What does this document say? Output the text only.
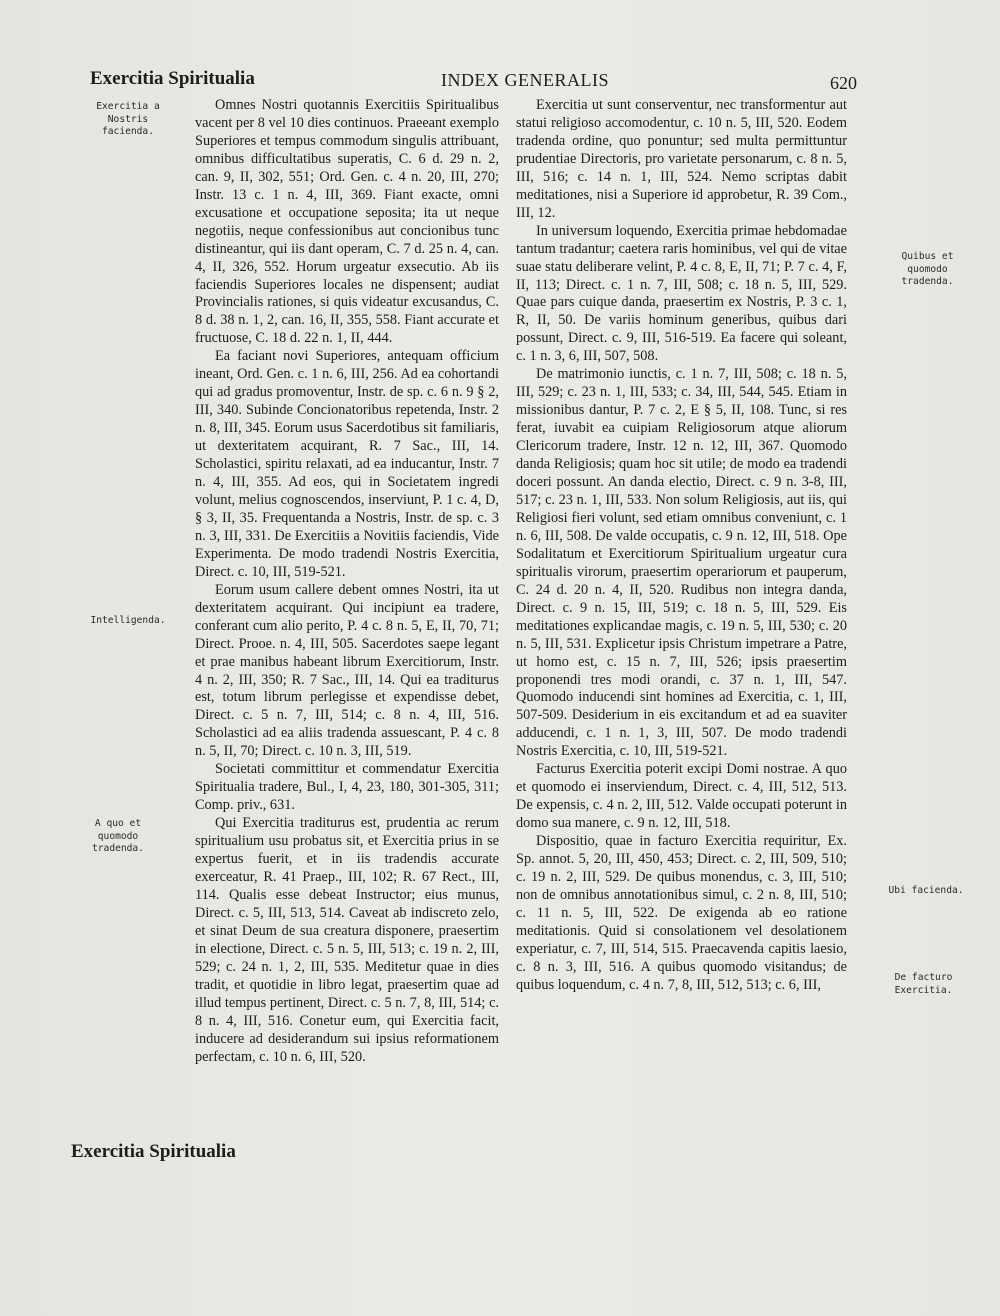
Exercitia Spiritualia	INDEX GENERALIS	620
Exercitia a Nostris facienda.
Intelligenda.
A quo et quomodo tradenda.
Quibus et quomodo tradenda.
Ubi facienda.
De facturo Exercitia.

Omnes Nostri quotannis Exercitiis Spiritualibus vacent per 8 vel 10 dies continuos. Praeeant exemplo Superiores et tempus commodum singulis attribuant, omnibus difficultatibus superatis, C. 6 d. 29 n. 2, can. 9, II, 302, 551; Ord. Gen. c. 4 n. 20, III, 270; Instr. 13 c. 1 n. 4, III, 369. Fiant exacte, omni excusatione et occupatione seposita; ita ut neque negotiis, neque confessionibus aut concionibus tunc distineantur, qui iis dant operam, C. 7 d. 25 n. 4, can. 4, II, 326, 552. Horum urgeatur exsecutio. Ab iis faciendis Superiores locales ne dispensent; audiat Provincialis rationes, si quis videatur excusandus, C. 8 d. 38 n. 1, 2, can. 16, II, 355, 558. Fiant accurate et fructuose, C. 18 d. 22 n. 1, II, 444.

Ea faciant novi Superiores, antequam officium ineant, Ord. Gen. c. 1 n. 6, III, 256. Ad ea cohortandi qui ad gradus promoventur, Instr. de sp. c. 6 n. 9 § 2, III, 340. Subinde Concionatoribus repetenda, Instr. 2 n. 8, III, 345. Eorum usus Sacerdotibus sit familiaris, ut dexteritatem acquirant, R. 7 Sac., III, 14. Scholastici, spiritu relaxati, ad ea inducantur, Instr. 7 n. 4, III, 355. Ad eos, qui in Societatem ingredi volunt, melius cognoscendos, inserviunt, P. 1 c. 4, D, § 3, II, 35. Frequentanda a Nostris, Instr. de sp. c. 3 n. 3, III, 331. De Exercitiis a Novitiis faciendis, Vide Experimenta. De modo tradendi Nostris Exercitia, Direct. c. 10, III, 519-521.

Eorum usum callere debent omnes Nostri, ita ut dexteritatem acquirant. Qui incipiunt ea tradere, conferant cum alio perito, P. 4 c. 8 n. 5, E, II, 70, 71; Direct. Prooe. n. 4, III, 505. Sacerdotes saepe legant et prae manibus habeant librum Exercitiorum, Instr. 4 n. 2, III, 350; R. 7 Sac., III, 14. Qui ea traditurus est, totum librum perlegisse et expendisse debet, Direct. c. 5 n. 7, III, 514; c. 8 n. 4, III, 516. Scholastici ad ea aliis tradenda assuescant, P. 4 c. 8 n. 5, II, 70; Direct. c. 10 n. 3, III, 519.

Societati committitur et commendatur Exercitia Spiritualia tradere, Bul., I, 4, 23, 180, 301-305, 311; Comp. priv., 631.

Qui Exercitia traditurus est, prudentia ac rerum spiritualium usu probatus sit, et Exercitia prius in se expertus fuerit, et in iis tradendis accurate exerceatur, R. 41 Praep., III, 102; R. 67 Rect., III, 114. Qualis esse debeat Instructor; eius munus, Direct. c. 5, III, 513, 514. Caveat ab indiscreto zelo, et sinat Deum de sua creatura disponere, praesertim in electione, Direct. c. 5 n. 5, III, 513; c. 19 n. 2, III, 529; c. 24 n. 1, 2, III, 535. Meditetur quae in dies tradit, et quotidie in libro legat, praesertim quae ad illud tempus pertinent, Direct. c. 5 n. 7, 8, III, 514; c. 8 n. 4, III, 516. Conetur eum, qui Exercitia facit, inducere ad desiderandum sui ipsius reformationem perfectam, c. 10 n. 6, III, 520.

Exercitia ut sunt conserventur, nec transformentur aut statui religioso accomodentur, c. 10 n. 5, III, 520. Eodem tradenda ordine, quo ponuntur; sed multa permittuntur prudentiae Directoris, pro varietate personarum, c. 8 n. 5, III, 516; c. 14 n. 1, III, 524. Nemo scriptas dabit meditationes, nisi a Superiore id approbetur, R. 39 Com., III, 12.

In universum loquendo, Exercitia primae hebdomadae tantum tradantur; caetera raris hominibus, vel qui de vitae suae statu deliberare velint, P. 4 c. 8, E, II, 71; P. 7 c. 4, F, II, 113; Direct. c. 1 n. 7, III, 508; c. 18 n. 5, III, 529. Quae pars cuique danda, praesertim ex Nostris, P. 3 c. 1, R, II, 50. De variis hominum generibus, quibus dari possunt, Direct. c. 9, III, 516-519. Ea facere qui soleant, c. 1 n. 3, 6, III, 507, 508.

De matrimonio iunctis, c. 1 n. 7, III, 508; c. 18 n. 5, III, 529; c. 23 n. 1, III, 533; c. 34, III, 544, 545. Etiam in missionibus dantur, P. 7 c. 2, E § 5, II, 108. Tunc, si res ferat, iuvabit ea cuipiam Religiosorum atque aliorum Clericorum tradere, Instr. 12 n. 12, III, 367. Quomodo danda Religiosis; quam hoc sit utile; de modo ea tradendi doceri possunt. An danda electio, Direct. c. 9 n. 3-8, III, 517; c. 23 n. 1, III, 533. Non solum Religiosis, aut iis, qui Religiosi fieri volunt, sed etiam omnibus conveniunt, c. 1 n. 6, III, 508. De valde occupatis, c. 9 n. 12, III, 518. Ope Sodalitatum et Exercitiorum Spiritualium urgeatur cura spiritualis virorum, praesertim operariorum et pauperum, C. 24 d. 20 n. 4, II, 520. Rudibus non integra danda, Direct. c. 9 n. 15, III, 519; c. 18 n. 5, III, 529. Eis meditationes explicandae magis, c. 19 n. 5, III, 530; c. 20 n. 5, III, 531. Explicetur ipsis Christum impetrare a Patre, ut homo est, c. 15 n. 7, III, 526; ipsis praesertim proponendi tres modi orandi, c. 37 n. 1, III, 547. Quomodo inducendi sint homines ad Exercitia, c. 1, III, 507-509. Desiderium in eis excitandum et ad ea suaviter adducendi, c. 1 n. 1, 3, III, 507. De modo tradendi Nostris Exercitia, c. 10, III, 519-521.

Facturus Exercitia poterit excipi Domi nostrae. A quo et quomodo ei inserviendum, Direct. c. 4, III, 512, 513. De expensis, c. 4 n. 2, III, 512. Valde occupati poterunt in domo sua manere, c. 9 n. 12, III, 518.

Dispositio, quae in facturo Exercitia requiritur, Ex. Sp. annot. 5, 20, III, 450, 453; Direct. c. 2, III, 509, 510; c. 19 n. 2, III, 529. De quibus monendus, c. 3, III, 510; non de omnibus annotationibus simul, c. 2 n. 8, III, 510; c. 11 n. 5, III, 522. De exigenda ab eo ratione meditationis. Quid si consolationem vel desolationem experiatur, c. 7, III, 514, 515. Praecavenda capitis laesio, c. 8 n. 3, III, 516. A quibus quomodo visitandus; de quibus loquendum, c. 4 n. 7, 8, III, 512, 513; c. 6, III,

Exercitia Spiritualia
